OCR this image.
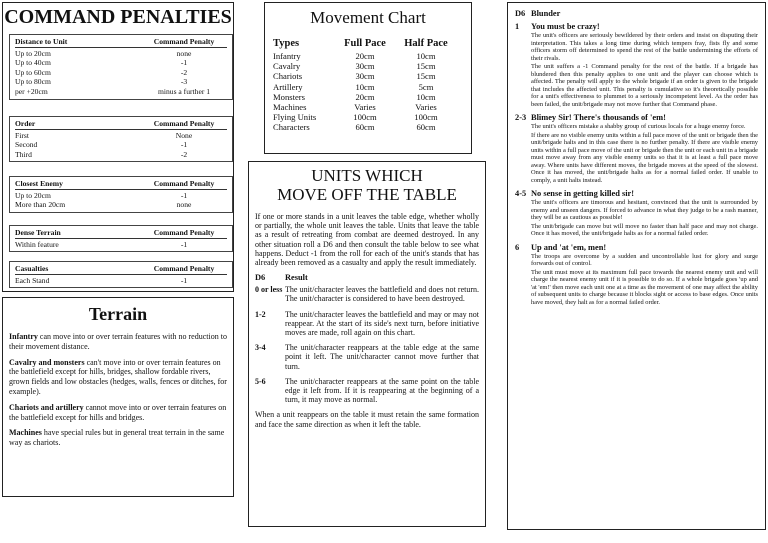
COMMAND PENALTIES
Distance to Unit	Command Penalty
Up to 20cm	none
Up to 40cm	-1
Up to 60cm	-2
Up to 80cm	-3
per +20cm	minus a further 1
Order	Command Penalty
First	None
Second	-1
Third	-2
Closest Enemy	Command Penalty
Up to 20cm	-1
More than 20cm	none
Dense Terrain	Command Penalty
Within feature	-1
Casualties	Command Penalty
Each Stand	-1
Terrain

Infantry can move into or over terrain features with no reduction to their movement distance.

Cavalry and monsters can't move into or over terrain features on the battlefield except for hills, bridges, shallow fordable rivers, grown fields and low obstacles (hedges, walls, fences or ditches, for example).

Chariots and artillery cannot move into or over terrain features on the battlefield except for hills and bridges.

Machines have special rules but in general treat terrain in the same way as chariots.

Movement Chart
Types	Full Pace	Half Pace
Infantry	20cm	10cm
Cavalry	30cm	15cm
Chariots	30cm	15cm
Artillery	10cm	5cm
Monsters	20cm	10cm
Machines	Varies	Varies
Flying Units	100cm	100cm
Characters	60cm	60cm
UNITS WHICH
MOVE OFF THE TABLE
If one or more stands in a unit leaves the table edge, whether wholly or partially, the whole unit leaves the table. Units that leave the table as a result of retreating from combat are deemed destroyed. In any other situation roll a D6 and then consult the table below to see what happens. Deduct -1 from the roll for each of the unit's stands that has already been removed as a casualty and apply the result immediately.
D6	Result
0 or less The unit/character leaves the battlefield and does not return. The unit/character is considered to have been destroyed.
1-2	The unit/character leaves the battlefield and may or may not reappear. At the start of its side's next turn, before initiative moves are made, roll again on this chart.
3-4	The unit/character reappears at the table edge at the same point it left. The unit/character cannot move further that turn.
5-6	The unit/character reappears at the same point on the table edge it left from. If it is reappearing at the beginning of a turn, it may move as normal.
When a unit reappears on the table it must retain the same formation and face the same direction as when it left the table.
D6 Blunder
1	You must be crazy!

The unit's officers are seriously bewildered by their orders and insist on disputing their interpretation. This takes a long time during which tempers fray, fists fly and some officers storm off determined to spend the rest of the battle undermining the efforts of their rivals.

The unit suffers a -1 Command penalty for the rest of the battle. If a brigade has blundered then this penalty applies to one unit and the player can choose which is affected. The penalty will apply to the whole brigade if an order is given to the brigade that includes the affected unit. This penalty is cumulative so it's theoretically possible for a unit's effectiveness to plummet to a seriously incompetent level. As the order has been failed, the unit/brigade may not move further that Command phase.

2-3 Blimey Sir! There's thousands of 'em!

The unit's officers mistake a shabby group of curious locals for a huge enemy force.

If there are no visible enemy units within a full pace move of the unit or brigade then the unit/brigade halts and in this case there is no further penalty. If there are visible enemy units within a full pace move of the unit or brigade then the unit or each unit in a brigade must move away from any visible enemy units so that it is at least a full pace move away. Where units have different moves, the brigade moves at the speed of the slowest. Once it has moved, the unit/brigade halts as for a normal failed order. If unable to comply, a unit halts instead.

4-5 No sense in getting killed sir!

The unit's officers are timorous and hesitant, convinced that the unit is surrounded by enemy and unseen dangers. If forced to advance in what they judge to be a rash manner, they will be as cautious as possible!

The unit/brigade can move but will move no faster than half pace and may not charge. Once it has moved, the unit/brigade halts as for a normal failed order.

6	Up and 'at 'em, men!

The troops are overcome by a sudden and uncontrollable lust for glory and surge forwards out of control.

The unit must move at its maximum full pace towards the nearest enemy unit and will charge the nearest enemy unit if it is possible to do so. If a whole brigade goes 'up and 'at 'em!' then move each unit one at a time as the movement of one may affect the ability of subsequent units to charge because it blocks sight or access to base edges. Once units have moved, they halt as for a normal failed order.
